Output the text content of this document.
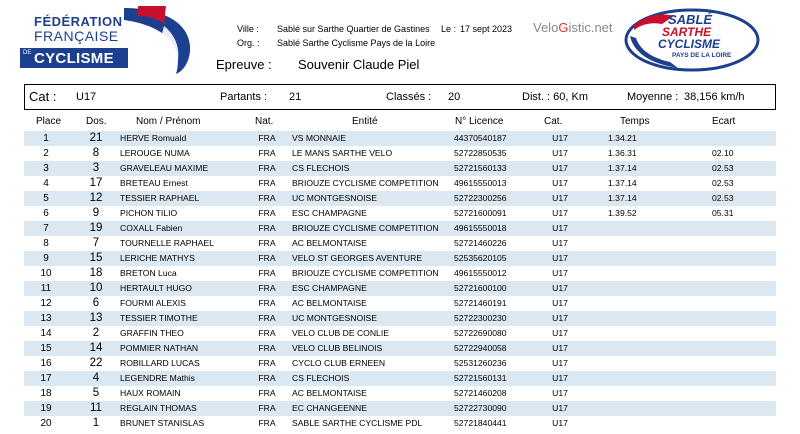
FÉDÉRATION
FRANÇAISE
DE CYCLISME
Ville : Sablé sur Sarthe Quartier de Gastines Le : 17 sept 2023
Org. : Sablé Sarthe Cyclisme Pays de la Loire
VeloGistic.net
SABLÉ
SARTHE
CYCLISME
PAYS DE LA LOIRE
Epreuve : Souvenir Claude Piel
Cat : U17	Partants : 21	Classés : 20	Dist. : 60, Km	Moyenne : 38,156 km/h
Place Dos.	Nom / Prénom	Nat.	Entité	N° Licence	Cat.	Temps	Ecart
1	21	HERVE Romuald	FRA	VS MONNAIE	44370540187	U17	1.34.21
2	8	LEROUGE NUMA	FRA	LE MANS SARTHE VELO	52722850535	U17	1.36.31	02.10
3	3	GRAVELEAU MAXIME	FRA	CS FLECHOIS	52721560133	U17	1.37.14	02.53
4	17	BRETEAU Ernest	FRA	BRIOUZE CYCLISME COMPETITION 49615550013	U17	1.37.14	02.53
5	12	TESSIER RAPHAEL	FRA	UC MONTGESNOISE	52722300256	U17	1.37.14	02.53
6	9	PICHON TILIO	FRA	ESC CHAMPAGNE	52721600091	U17	1.39.52	05.31
7	19	COXALL Fabien	FRA	BRIOUZE CYCLISME COMPETITION 49615550018	U17
8	7	TOURNELLE RAPHAEL	FRA	AC BELMONTAISE	52721460226	U17
9	15	LERICHE MATHYS	FRA	VELO ST GEORGES AVENTURE	52535620105	U17
10	18	BRETON Luca	FRA	BRIOUZE CYCLISME COMPETITION 49615550012	U17
11	10	HERTAULT HUGO	FRA	ESC CHAMPAGNE	52721600100	U17
12	6	FOURMI ALEXIS	FRA	AC BELMONTAISE	52721460191	U17
13	13	TESSIER TIMOTHE	FRA	UC MONTGESNOISE	52722300230	U17
14	2	GRAFFIN THEO	FRA	VELO CLUB DE CONLIE	52722690080	U17
15	14	POMMIER NATHAN	FRA	VELO CLUB BELINOIS	52722940058	U17
16	22	ROBILLARD LUCAS	FRA	CYCLO CLUB ERNEEN	52531260236	U17
17	4	LEGENDRE Mathis	FRA	CS FLECHOIS	52721560131	U17
18	5	HAUX ROMAIN	FRA	AC BELMONTAISE	52721460208	U17
19	11	REGLAIN THOMAS	FRA	EC CHANGEENNE	52722730090	U17
20	1	BRUNET STANISLAS	FRA	SABLE SARTHE CYCLISME PDL	52721840441	U17
